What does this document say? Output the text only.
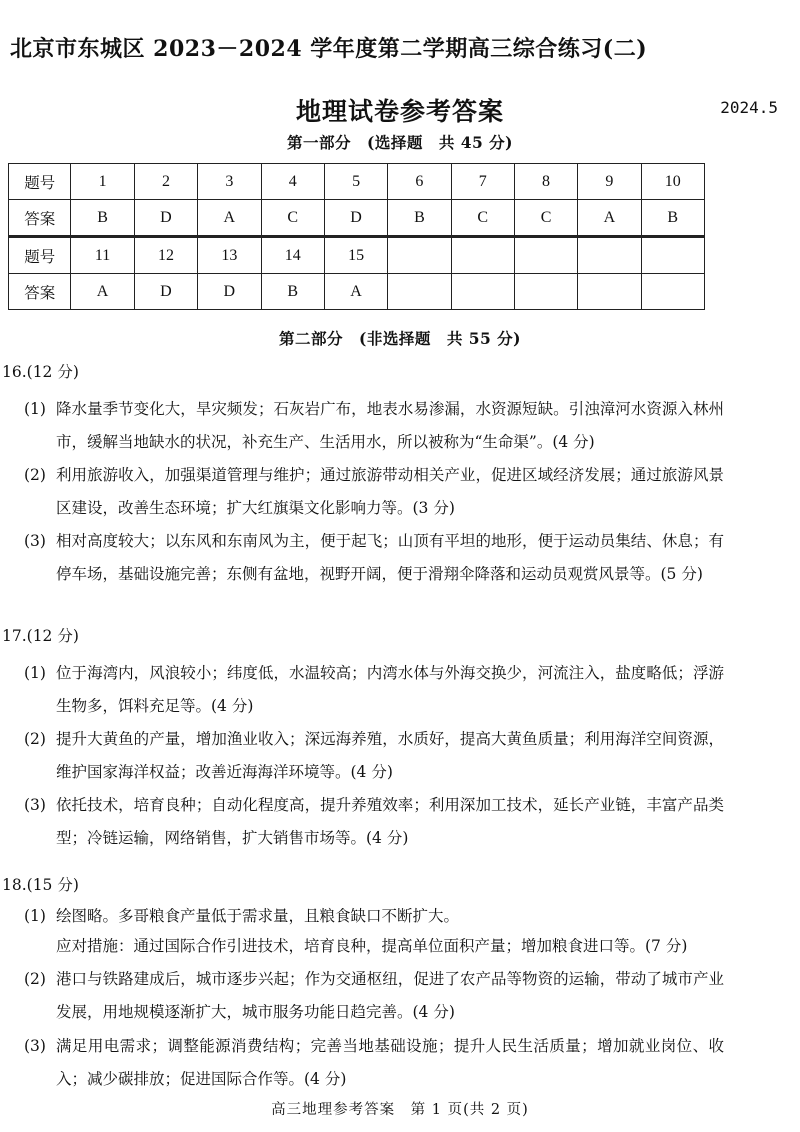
北京市东城区 2023－2024 学年度第二学期高三综合练习(二)
地理试卷参考答案	2024.5
第一部分　(选择题　共 45 分)
题号	1	2	3	4	5	6	7	8	9	10
答案	B	D	A	C	D	B	C	C	A	B
题号	11	12	13	14	15					
答案	A	D	D	B	A					
第二部分　(非选择题　共 55 分)
16.(12 分)
(1) 降水量季节变化大，旱灾频发；石灰岩广布，地表水易渗漏，水资源短缺。引浊漳河水资源入林州市，缓解当地缺水的状况，补充生产、生活用水，所以被称为“生命渠”。(4 分)
(2) 利用旅游收入，加强渠道管理与维护；通过旅游带动相关产业，促进区域经济发展；通过旅游风景区建设，改善生态环境；扩大红旗渠文化影响力等。(3 分)
(3) 相对高度较大；以东风和东南风为主，便于起飞；山顶有平坦的地形，便于运动员集结、休息；有停车场，基础设施完善；东侧有盆地，视野开阔，便于滑翔伞降落和运动员观赏风景等。(5 分)
17.(12 分)
(1) 位于海湾内，风浪较小；纬度低，水温较高；内湾水体与外海交换少，河流注入，盐度略低；浮游生物多，饵料充足等。(4 分)
(2) 提升大黄鱼的产量，增加渔业收入；深远海养殖，水质好，提高大黄鱼质量；利用海洋空间资源，维护国家海洋权益；改善近海海洋环境等。(4 分)
(3) 依托技术，培育良种；自动化程度高，提升养殖效率；利用深加工技术，延长产业链，丰富产品类型；冷链运输，网络销售，扩大销售市场等。(4 分)
18.(15 分)
(1) 绘图略。多哥粮食产量低于需求量，且粮食缺口不断扩大。
应对措施：通过国际合作引进技术，培育良种，提高单位面积产量；增加粮食进口等。(7 分)
(2) 港口与铁路建成后，城市逐步兴起；作为交通枢纽，促进了农产品等物资的运输，带动了城市产业发展，用地规模逐渐扩大，城市服务功能日趋完善。(4 分)
(3) 满足用电需求；调整能源消费结构；完善当地基础设施；提升人民生活质量；增加就业岗位、收入；减少碳排放；促进国际合作等。(4 分)
高三地理参考答案　第 1 页(共 2 页)
